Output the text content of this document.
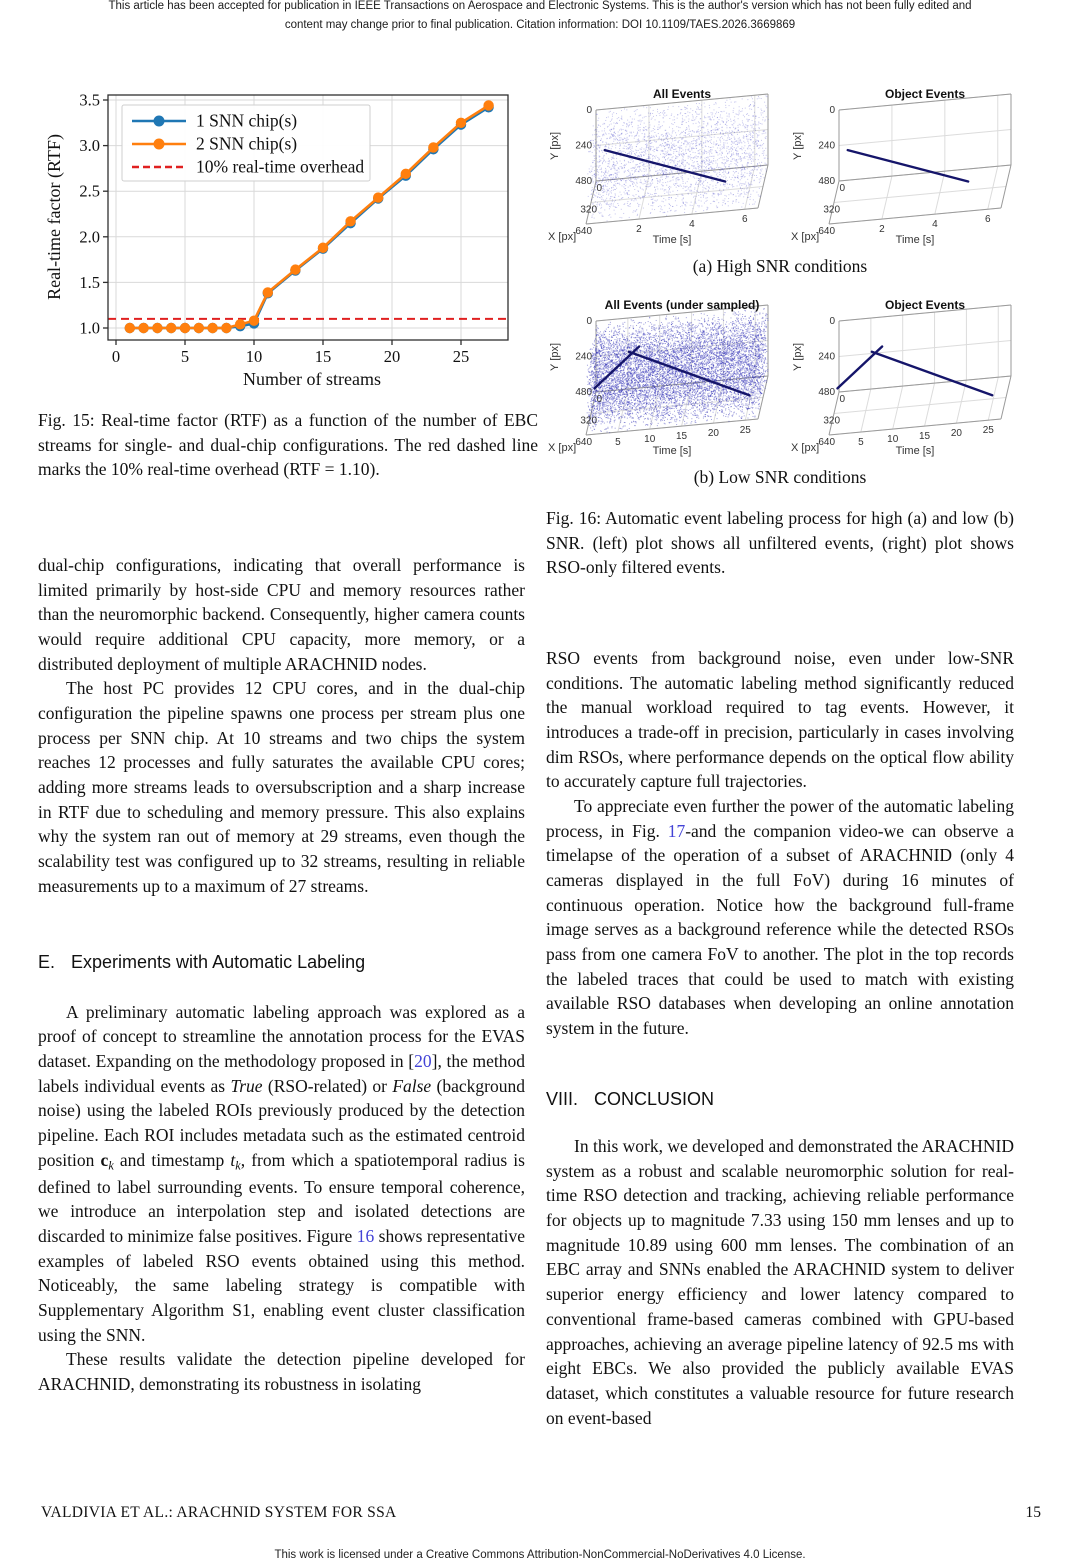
This article has been accepted for publication in IEEE Transactions on Aerospace and Electronic Systems. This is the author's version which has not been fully edited and
content may change prior to final publication. Citation information: DOI 10.1109/TAES.2026.3669869
0	5	10	15	20	25
1.0
1.5
2.0
2.5
3.0
3.5
Number of streams
Real-time factor (RTF)
1 SNN chip(s)
2 SNN chip(s)
10% real-time overhead
Fig. 15: Real-time factor (RTF) as a function of the number of EBC streams for single- and dual-chip configurations. The red dashed line marks the 10% real-time overhead (RTF = 1.10).
(a) High SNR conditions
(b) Low SNR conditions
Fig. 16: Automatic event labeling process for high (a) and low (b) SNR. (left) plot shows all unfiltered events, (right) plot shows RSO-only filtered events.

dual-chip configurations, indicating that overall performance is limited primarily by host-side CPU and memory resources rather than the neuromorphic backend. Consequently, higher camera counts would require additional CPU capacity, more memory, or a distributed deployment of multiple ARACHNID nodes.

The host PC provides 12 CPU cores, and in the dual-chip configuration the pipeline spawns one process per stream plus one process per SNN chip. At 10 streams and two chips the system reaches 12 processes and fully saturates the available CPU cores; adding more streams leads to oversubscription and a sharp increase in RTF due to scheduling and memory pressure. This also explains why the system ran out of memory at 29 streams, even though the scalability test was configured up to 32 streams, resulting in reliable measurements up to a maximum of 27 streams.

E. Experiments with Automatic Labeling

A preliminary automatic labeling approach was explored as a proof of concept to streamline the annotation process for the EVAS dataset. Expanding on the methodology proposed in [20], the method labels individual events as True (RSO-related) or False (background noise) using the labeled ROIs previously produced by the detection pipeline. Each ROI includes metadata such as the estimated centroid position ck and timestamp tk, from which a spatiotemporal radius is defined to label surrounding events. To ensure temporal coherence, we introduce an interpolation step and isolated detections are discarded to minimize false positives. Figure 16 shows representative examples of labeled RSO events obtained using this method. Noticeably, the same labeling strategy is compatible with Supplementary Algorithm S1, enabling event cluster classification using the SNN.

These results validate the detection pipeline developed for ARACHNID, demonstrating its robustness in isolating

RSO events from background noise, even under low-SNR conditions. The automatic labeling method significantly reduced the manual workload required to tag events. However, it introduces a trade-off in precision, particularly in cases involving dim RSOs, where performance depends on the optical flow ability to accurately capture full trajectories.

To appreciate even further the power of the automatic labeling process, in Fig. 17-and the companion video-we can observe a timelapse of the operation of a subset of ARACHNID (only 4 cameras displayed in the full FoV) during 16 minutes of continuous operation. Notice how the background full-frame image serves as a background reference while the detected RSOs pass from one camera FoV to another. The plot in the top records the labeled traces that could be used to match with existing available RSO databases when developing an online annotation system in the future.

VIII. CONCLUSION

In this work, we developed and demonstrated the ARACHNID system as a robust and scalable neuromorphic solution for real-time RSO detection and tracking, achieving reliable performance for objects up to magnitude 7.33 using 150 mm lenses and up to magnitude 10.89 using 600 mm lenses. The combination of an EBC array and SNNs enabled the ARACHNID system to deliver superior energy efficiency and lower latency compared to conventional frame-based cameras combined with GPU-based approaches, achieving an average pipeline latency of 92.5 ms with eight EBCs. We also provided the publicly available EVAS dataset, which constitutes a valuable resource for future research on event-based

VALDIVIA ET AL.: ARACHNID SYSTEM FOR SSA	15
This work is licensed under a Creative Commons Attribution-NonCommercial-NoDerivatives 4.0 License.
